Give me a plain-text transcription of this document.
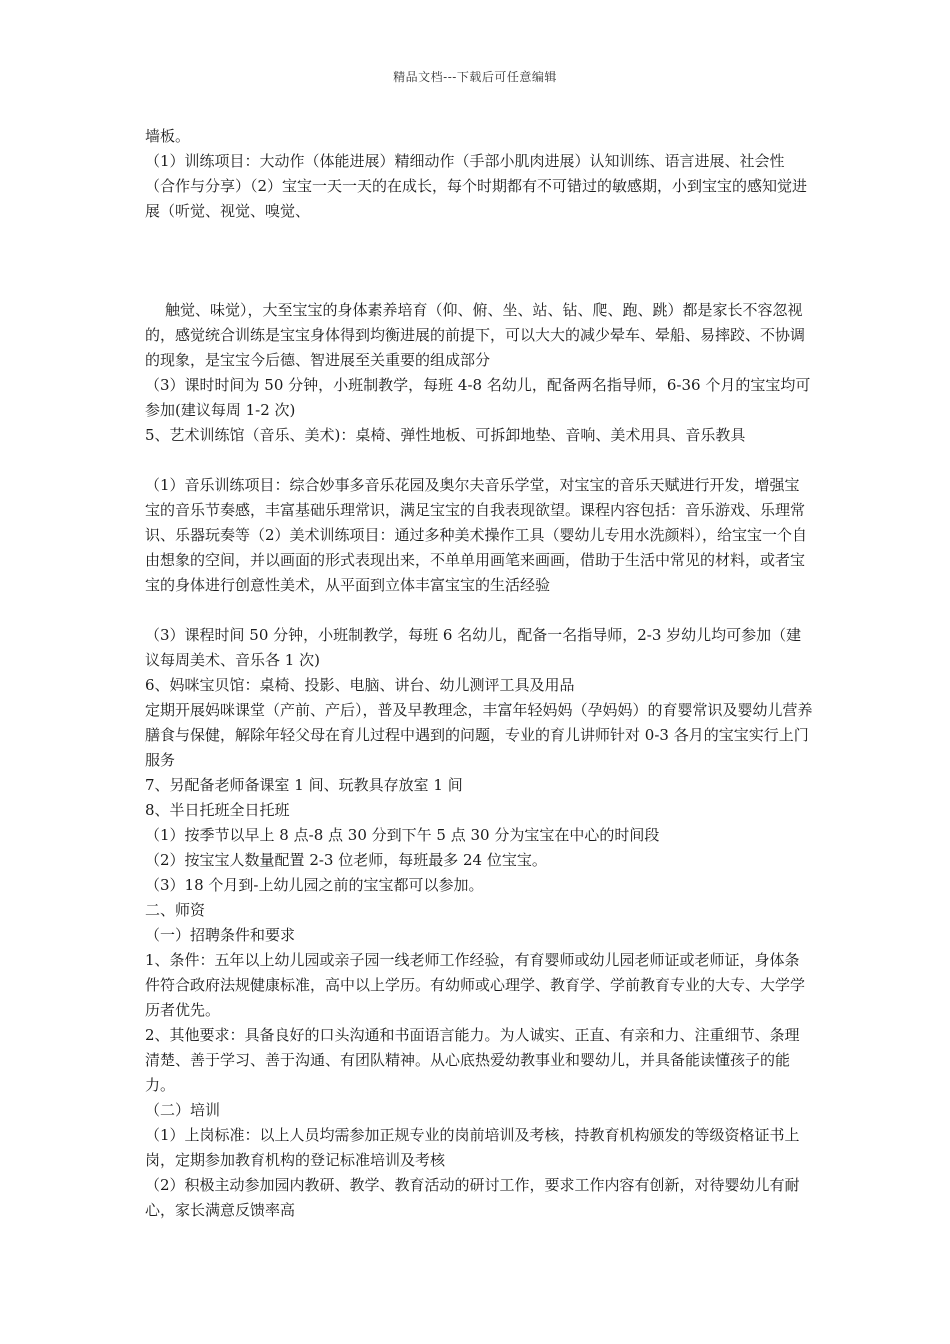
精品文档---下载后可任意编辑

墙板。

（1）训练项目：大动作（体能进展）精细动作（手部小肌肉进展）认知训练、语言进展、社会性（合作与分享）（2）宝宝一天一天的在成长，每个时期都有不可错过的敏感期，小到宝宝的感知觉进展（听觉、视觉、嗅觉、

触觉、味觉），大至宝宝的身体素养培育（仰、俯、坐、站、钻、爬、跑、跳）都是家长不容忽视的，感觉统合训练是宝宝身体得到均衡进展的前提下，可以大大的减少晕车、晕船、易摔跤、不协调的现象，是宝宝今后德、智进展至关重要的组成部分

（3）课时时间为 50 分钟，小班制教学，每班 4-8 名幼儿，配备两名指导师，6-36 个月的宝宝均可参加(建议每周 1-2 次)

5、艺术训练馆（音乐、美术)：桌椅、弹性地板、可拆卸地垫、音响、美术用具、音乐教具

（1）音乐训练项目：综合妙事多音乐花园及奥尔夫音乐学堂，对宝宝的音乐天赋进行开发，增强宝宝的音乐节奏感，丰富基础乐理常识，满足宝宝的自我表现欲望。课程内容包括：音乐游戏、乐理常识、乐器玩奏等（2）美术训练项目：通过多种美术操作工具（婴幼儿专用水洗颜料），给宝宝一个自由想象的空间，并以画面的形式表现出来，不单单用画笔来画画，借助于生活中常见的材料，或者宝宝的身体进行创意性美术，从平面到立体丰富宝宝的生活经验

（3）课程时间 50 分钟，小班制教学，每班 6 名幼儿，配备一名指导师，2-3 岁幼儿均可参加（建议每周美术、音乐各 1 次)

6、妈咪宝贝馆：桌椅、投影、电脑、讲台、幼儿测评工具及用品

定期开展妈咪课堂（产前、产后），普及早教理念，丰富年轻妈妈（孕妈妈）的育婴常识及婴幼儿营养膳食与保健，解除年轻父母在育儿过程中遇到的问题，专业的育儿讲师针对 0-3 各月的宝宝实行上门服务

7、另配备老师备课室 1 间、玩教具存放室 1 间

8、半日托班全日托班

（1）按季节以早上 8 点-8 点 30 分到下午 5 点 30 分为宝宝在中心的时间段

（2）按宝宝人数量配置 2-3 位老师，每班最多 24 位宝宝。

（3）18 个月到-上幼儿园之前的宝宝都可以参加。

二、师资

（一）招聘条件和要求

1、条件：五年以上幼儿园或亲子园一线老师工作经验，有育婴师或幼儿园老师证或老师证，身体条件符合政府法规健康标准，高中以上学历。有幼师或心理学、教育学、学前教育专业的大专、大学学历者优先。

2、其他要求：具备良好的口头沟通和书面语言能力。为人诚实、正直、有亲和力、注重细节、条理清楚、善于学习、善于沟通、有团队精神。从心底热爱幼教事业和婴幼儿，并具备能读懂孩子的能力。

（二）培训

（1）上岗标准：以上人员均需参加正规专业的岗前培训及考核，持教育机构颁发的等级资格证书上岗，定期参加教育机构的登记标准培训及考核

（2）积极主动参加园内教研、教学、教育活动的研讨工作，要求工作内容有创新，对待婴幼儿有耐心，家长满意反馈率高
